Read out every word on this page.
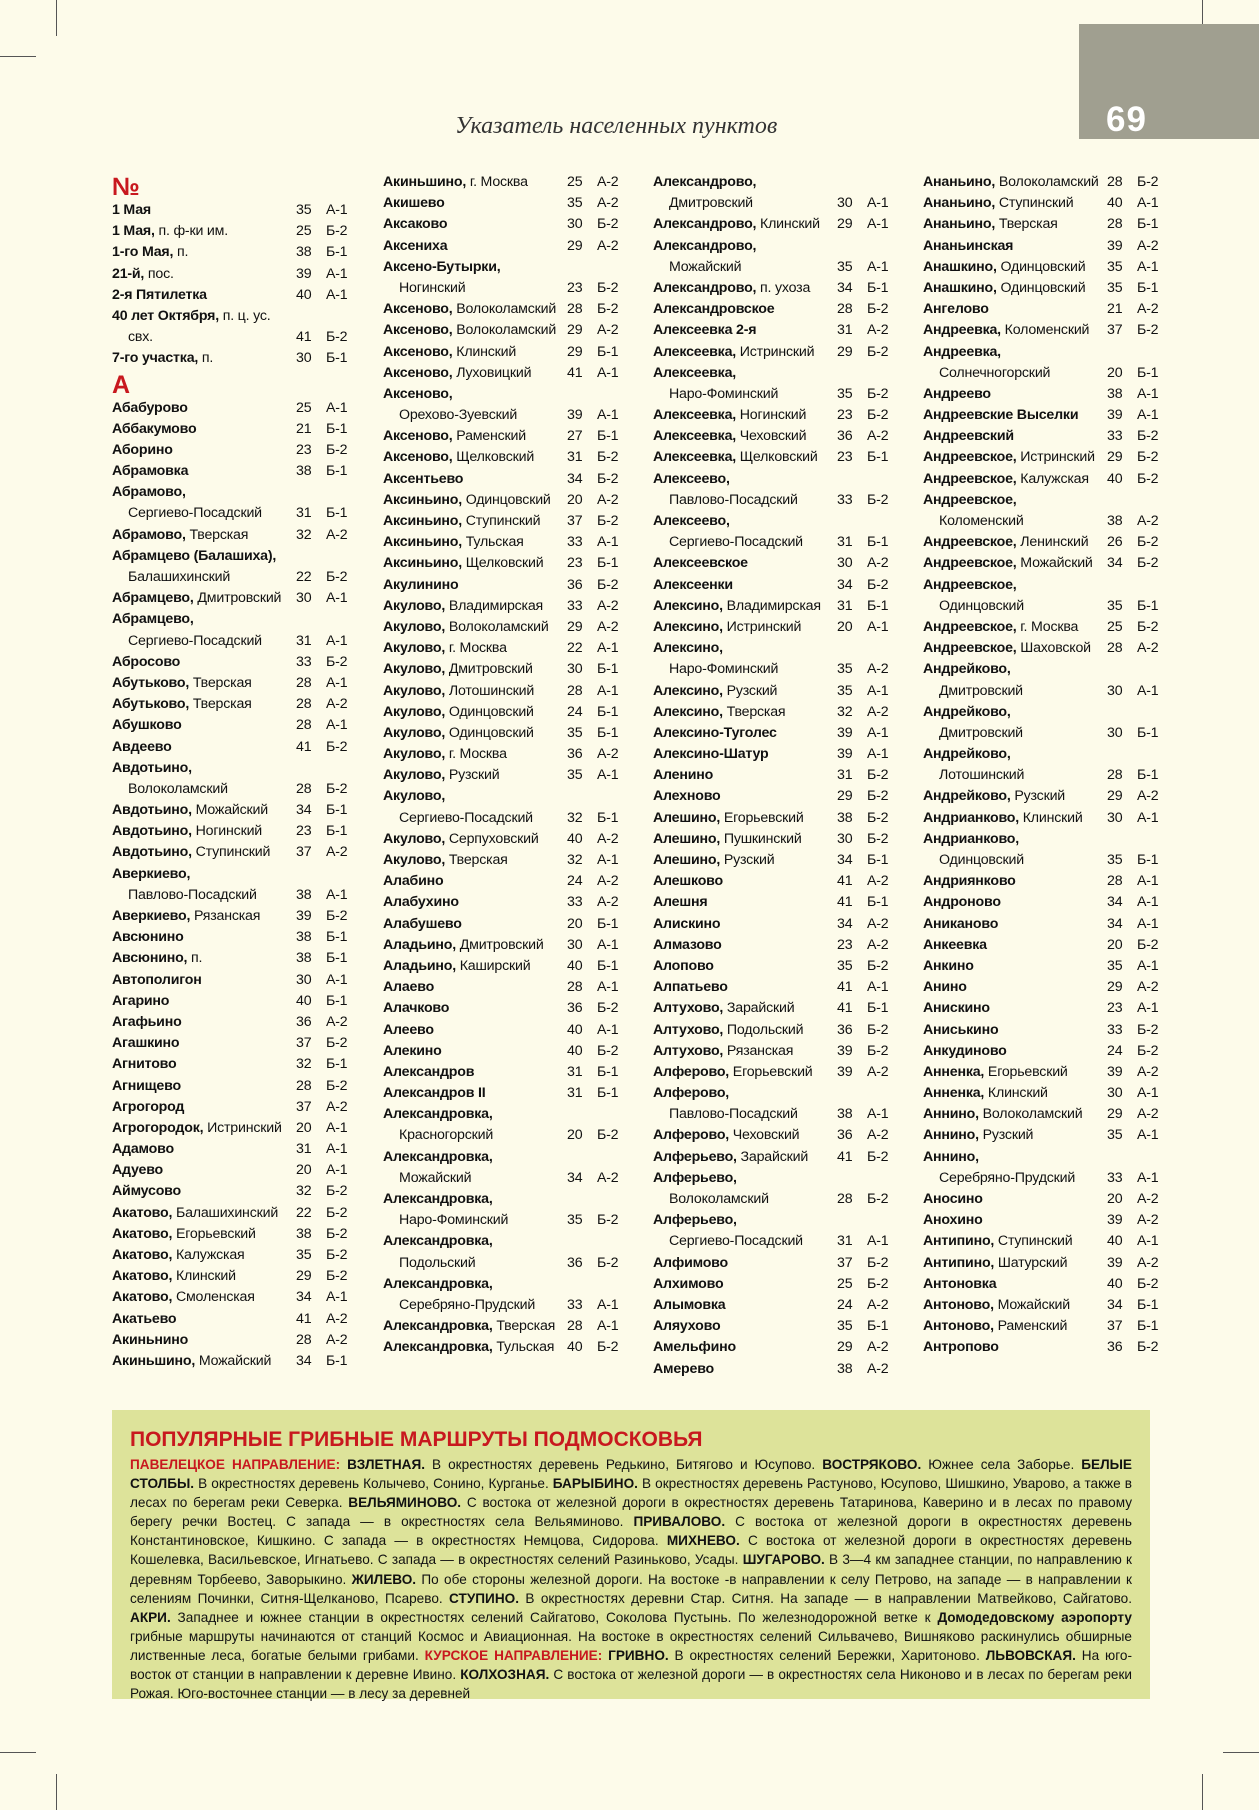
69
Указатель населенных пунктов
№
1 Мая	35 А-1
1 Мая, п. ф-ки им.	25 Б-2
1-го Мая, п.	38 Б-1
21-й, пос.	39 А-1
2-я Пятилетка	40 А-1
40 лет Октября, п. ц. ус.
свх.	41 Б-2
7-го участка, п.	30 Б-1
А
Абабурово	25 А-1
Аббакумово	21 Б-1
Аборино	23 Б-2
Абрамовка	38 Б-1
Абрамово,
Сергиево-Посадский 31 Б-1
Абрамово, Тверская	32 А-2
Абрамцево (Балашиха),
Балашихинский	22 Б-2
Абрамцево, Дмитровский 30 А-1
Абрамцево,
Сергиево-Посадский 31 А-1
Абросово	33 Б-2
Абутьково, Тверская	28 А-1
Абутьково, Тверская	28 А-2
Абушково	28 А-1
Авдеево	41 Б-2
Авдотьино,
Волоколамский	28 Б-2
Авдотьино, Можайский 34 Б-1
Авдотьино, Ногинский 23 Б-1
Авдотьино, Ступинский 37 А-2
Аверкиево,
Павлово-Посадский	38 А-1
Аверкиево, Рязанская	39 Б-2
Авсюнино	38 Б-1
Авсюнино, п.	38 Б-1
Автополигон	30 А-1
Агарино	40 Б-1
Агафьино	36 А-2
Агашкино	37 Б-2
Агнитово	32 Б-1
Агнищево	28 Б-2
Агрогород	37 А-2
Агрогородок, Истринский 20 А-1
Адамово	31 А-1
Адуево	20 А-1
Аймусово	32 Б-2
Акатово, Балашихинский 22 Б-2
Акатово, Егорьевский	38 Б-2
Акатово, Калужская	35 Б-2
Акатово, Клинский	29 Б-2
Акатово, Смоленская	34 А-1
Акатьево	41 А-2
Акиньнино	28 А-2
Акиньшино, Можайский 34 Б-1
Акиньшино, г. Москва	25 А-2
Акишево	35 А-2
Аксаково	30 Б-2
Аксениха	29 А-2
Аксено-Бутырки,
Ногинский	23 Б-2
Аксеново, Волоколамский 28 Б-2
Аксеново, Волоколамский 29 А-2
Аксеново, Клинский	29 Б-1
Аксеново, Луховицкий	41 А-1
Аксеново,
Орехово-Зуевский	39 А-1
Аксеново, Раменский	27 Б-1
Аксеново, Щелковский 31 Б-2
Аксентьево	34 Б-2
Аксиньино, Одинцовский 20 А-2
Аксиньино, Ступинский 37 Б-2
Аксиньино, Тульская	33 А-1
Аксиньино, Щелковский 23 Б-1
Акулинино	36 Б-2
Акулово, Владимирская 33 А-2
Акулово, Волоколамский 29 А-2
Акулово, г. Москва	22 А-1
Акулово, Дмитровский 30 Б-1
Акулово, Лотошинский 28 А-1
Акулово, Одинцовский 24 Б-1
Акулово, Одинцовский 35 Б-1
Акулово, г. Москва	36 А-2
Акулово, Рузский	35 А-1
Акулово,
Сергиево-Посадский 32 Б-1
Акулово, Серпуховский 40 А-2
Акулово, Тверская	32 А-1
Алабино	24 А-2
Алабухино	33 А-2
Алабушево	20 Б-1
Аладьино, Дмитровский 30 А-1
Аладьино, Каширский	40 Б-1
Алаево	28 А-1
Алачково	36 Б-2
Алеево	40 А-1
Алекино	40 Б-2
Александров	31 Б-1
Александров II	31 Б-1
Александровка,
Красногорский	20 Б-2
Александровка,
Можайский	34 А-2
Александровка,
Наро-Фоминский	35 Б-2
Александровка,
Подольский	36 Б-2
Александровка,
Серебряно-Прудский 33 А-1
Александровка, Тверская 28 А-1
Александровка, Тульская 40 Б-2
Александрово,
Дмитровский	30 А-1
Александрово, Клинский 29 А-1
Александрово,
Можайский	35 А-1
Александрово, п. ухоза 34 Б-1
Александровское	28 Б-2
Алексеевка 2-я	31 А-2
Алексеевка, Истринский 29 Б-2
Алексеевка,
Наро-Фоминский	35 Б-2
Алексеевка, Ногинский 23 Б-2
Алексеевка, Чеховский 36 А-2
Алексеевка, Щелковский 23 Б-1
Алексеево,
Павлово-Посадский	33 Б-2
Алексеево,
Сергиево-Посадский 31 Б-1
Алексеевское	30 А-2
Алексеенки	34 Б-2
Алексино, Владимирская 31 Б-1
Алексино, Истринский	20 А-1
Алексино,
Наро-Фоминский	35 А-2
Алексино, Рузский	35 А-1
Алексино, Тверская	32 А-2
Алексино-Туголес	39 А-1
Алексино-Шатур	39 А-1
Аленино	31 Б-2
Алехново	29 Б-2
Алешино, Егорьевский 38 Б-2
Алешино, Пушкинский 30 Б-2
Алешино, Рузский	34 Б-1
Алешково	41 А-2
Алешня	41 Б-1
Алискино	34 А-2
Алмазово	23 А-2
Алопово	35 Б-2
Алпатьево	41 А-1
Алтухово, Зарайский	41 Б-1
Алтухово, Подольский 36 Б-2
Алтухово, Рязанская	39 Б-2
Алферово, Егорьевский 39 А-2
Алферово,
Павлово-Посадский	38 А-1
Алферово, Чеховский	36 А-2
Алферьево, Зарайский 41 Б-2
Алферьево,
Волоколамский	28 Б-2
Алферьево,
Сергиево-Посадский 31 А-1
Алфимово	37 Б-2
Алхимово	25 Б-2
Алымовка	24 А-2
Аляухово	35 Б-1
Амельфино	29 А-2
Амерево	38 А-2
Ананьино, Волоколамский 28 Б-2
Ананьино, Ступинский 40 А-1
Ананьино, Тверская	28 Б-1
Ананьинская	39 А-2
Анашкино, Одинцовский 35 А-1
Анашкино, Одинцовский 35 Б-1
Ангелово	21 А-2
Андреевка, Коломенский 37 Б-2
Андреевка,
Солнечногорский	20 Б-1
Андреево	38 А-1
Андреевские Выселки 39 А-1
Андреевский	33 Б-2
Андреевское, Истринский 29 Б-2
Андреевское, Калужская 40 Б-2
Андреевское,
Коломенский	38 А-2
Андреевское, Ленинский 26 Б-2
Андреевское, Можайский 34 Б-2
Андреевское,
Одинцовский	35 Б-1
Андреевское, г. Москва 25 Б-2
Андреевское, Шаховской 28 А-2
Андрейково,
Дмитровский	30 А-1
Андрейково,
Дмитровский	30 Б-1
Андрейково,
Лотошинский	28 Б-1
Андрейково, Рузский	29 А-2
Андрианково, Клинский 30 А-1
Андрианково,
Одинцовский	35 Б-1
Андриянково	28 А-1
Андроново	34 А-1
Аниканово	34 А-1
Анкеевка	20 Б-2
Анкино	35 А-1
Анино	29 А-2
Анискино	23 А-1
Аниськино	33 Б-2
Анкудиново	24 Б-2
Анненка, Егорьевский	39 А-2
Анненка, Клинский	30 А-1
Аннино, Волоколамский 29 А-2
Аннино, Рузский	35 А-1
Аннино,
Серебряно-Прудский 33 А-1
Аносино	20 А-2
Анохино	39 А-2
Антипино, Ступинский 40 А-1
Антипино, Шатурский	39 А-2
Антоновка	40 Б-2
Антоново, Можайский	34 Б-1
Антоново, Раменский	37 Б-1
Антропово	36 Б-2
ПОПУЛЯРНЫЕ ГРИБНЫЕ МАРШРУТЫ ПОДМОСКОВЬЯ
ПАВЕЛЕЦКОЕ НАПРАВЛЕНИЕ: ВЗЛЕТНАЯ. В окрестностях деревень Редькино, Битягово и Юсупово. ВОСТРЯКОВО. Южнее села Заборье. БЕЛЫЕ СТОЛБЫ. В окрестностях деревень Колычево, Сонино, Курганье. БАРЫБИНО. В окрестностях деревень Растуново, Юсупово, Шишкино, Уварово, а также в лесах по берегам реки Северка. ВЕЛЬЯМИНОВО. С востока от железной дороги в окрестностях деревень Татаринова, Каверино и в лесах по правому берегу речки Востец. С запада — в окрестностях села Вельяминово. ПРИВАЛОВО. С востока от железной дороги в окрестностях деревень Константиновское, Кишкино. С запада — в окрестностях Немцова, Сидорова. МИХНЕВО. С востока от железной дороги в окрестностях деревень Кошелевка, Васильевское, Игнатьево. С запада — в окрестностях селений Разиньково, Усады. ШУГАРОВО. В 3—4 км западнее станции, по направлению к деревням Торбеево, Заворыкино. ЖИЛЕВО. По обе стороны железной дороги. На востоке -в направлении к селу Петрово, на западе — в направлении к селениям Починки, Ситня-Щелканово, Псарево. СТУПИНО. В окрестностях деревни Стар. Ситня. На западе — в направлении Матвейково, Сайгатово. АКРИ. Западнее и южнее станции в окрестностях селений Сайгатово, Соколова Пустынь. По железнодорожной ветке к Домодедовскому аэропорту грибные маршруты начинаются от станций Космос и Авиационная. На востоке в окрестностях селений Сильвачево, Вишняково раскинулись обширные лиственные леса, богатые белыми грибами. КУРСКОЕ НАПРАВЛЕНИЕ: ГРИВНО. В окрестностях селений Бережки, Харитоново. ЛЬВОВСКАЯ. На юго-восток от станции в направлении к деревне Ивино. КОЛХОЗНАЯ. С востока от железной дороги — в окрестностях села Никоново и в лесах по берегам реки Рожая. Юго-восточнее станции — в лесу за деревней
